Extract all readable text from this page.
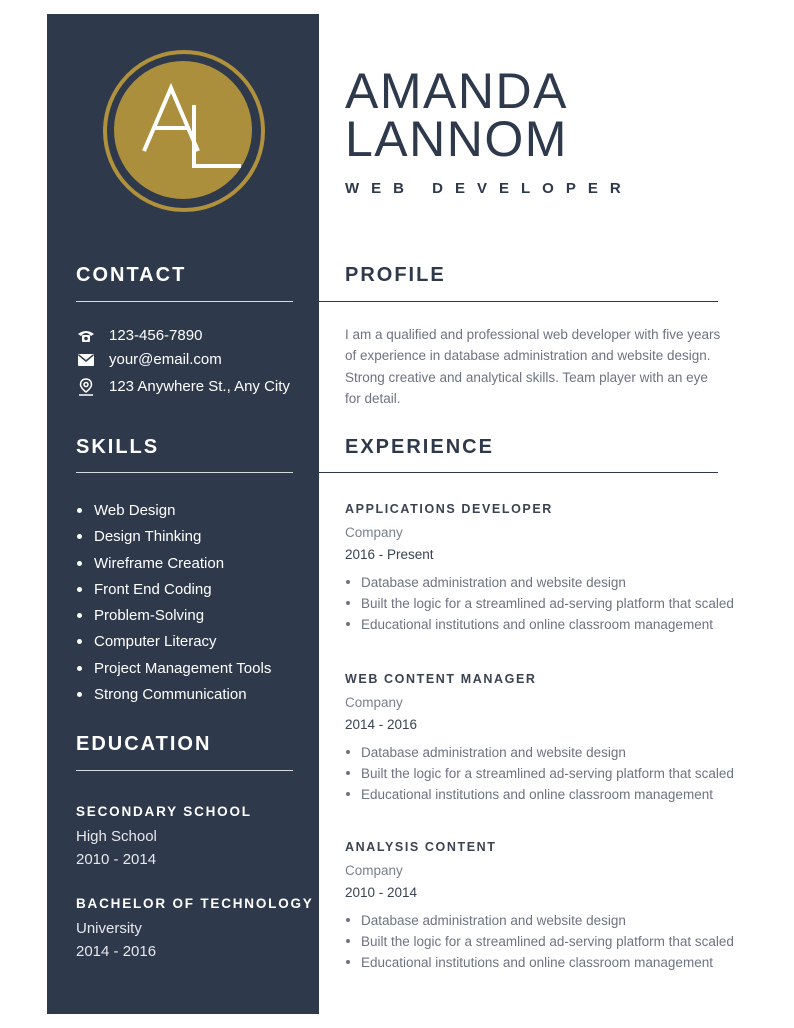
AMANDA
LANNOM
WEB DEVELOPER
CONTACT
123-456-7890
your@email.com
123 Anywhere St., Any City
SKILLS
Web Design
Design Thinking
Wireframe Creation
Front End Coding
Problem-Solving
Computer Literacy
Project Management Tools
Strong Communication
EDUCATION
SECONDARY SCHOOL
High School
2010 - 2014
BACHELOR OF TECHNOLOGY
University
2014 - 2016
PROFILE
I am a qualified and professional web developer with five years of experience in database administration and website design. Strong creative and analytical skills. Team player with an eye for detail.
EXPERIENCE
APPLICATIONS DEVELOPER
Company
2016 - Present
Database administration and website design
Built the logic for a streamlined ad-serving platform that scaled
Educational institutions and online classroom management
WEB CONTENT MANAGER
Company
2014 - 2016
Database administration and website design
Built the logic for a streamlined ad-serving platform that scaled
Educational institutions and online classroom management
ANALYSIS CONTENT
Company
2010 - 2014
Database administration and website design
Built the logic for a streamlined ad-serving platform that scaled
Educational institutions and online classroom management
